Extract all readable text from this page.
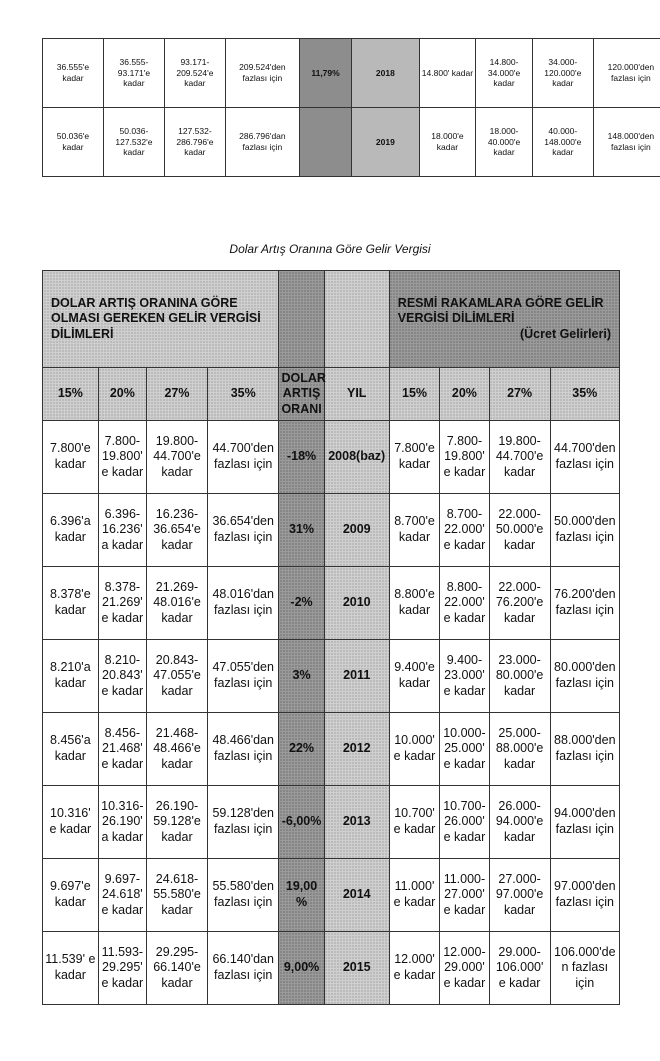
36.555'e kadar	36.555-93.171'e kadar	93.171-209.524'e kadar	209.524'den fazlası için	11,79%	2018	14.800' kadar	14.800-34.000'e kadar	34.000-120.000'e kadar	120.000'den fazlası için
50.036'e kadar	50.036-127.532'e kadar	127.532-286.796'e kadar	286.796'dan fazlası için		2019	18.000'e kadar	18.000-40.000'e kadar	40.000-148.000'e kadar	148.000'den fazlası için
Dolar Artış Oranına Göre Gelir Vergisi
DOLAR ARTIŞ ORANINA GÖRE OLMASI GEREKEN GELİR VERGİSİ DİLİMLERİ						RESMİ RAKAMLARA GÖRE GELİR VERGİSİ DİLİMLERİ
(Ücret Gelirleri)			

15%	20%	27%	35%	DOLAR ARTIŞ ORANI	YIL	15%	20%	27%	35%
7.800'e kadar	7.800-19.800' e kadar	19.800-44.700'e kadar	44.700'den fazlası için	-18%	2008(baz)	7.800'e kadar	7.800-19.800' e kadar	19.800-44.700'e kadar	44.700'den fazlası için
6.396'a kadar	6.396-16.236' a kadar	16.236-36.654'e kadar	36.654'den fazlası için	31%	2009	8.700'e kadar	8.700-22.000' e kadar	22.000-50.000'e kadar	50.000'den fazlası için
8.378'e kadar	8.378-21.269' e kadar	21.269-48.016'e kadar	48.016'dan fazlası için	-2%	2010	8.800'e kadar	8.800-22.000' e kadar	22.000-76.200'e kadar	76.200'den fazlası için
8.210'a kadar	8.210-20.843' e kadar	20.843-47.055'e kadar	47.055'den fazlası için	3%	2011	9.400'e kadar	9.400-23.000' e kadar	23.000-80.000'e kadar	80.000'den fazlası için
8.456'a kadar	8.456-21.468' e kadar	21.468-48.466'e kadar	48.466'dan fazlası için	22%	2012	10.000' e kadar	10.000-25.000' e kadar	25.000-88.000'e kadar	88.000'den fazlası için
10.316' e kadar	10.316-26.190' a kadar	26.190-59.128'e kadar	59.128'den fazlası için	-6,00%	2013	10.700' e kadar	10.700-26.000' e kadar	26.000-94.000'e kadar	94.000'den fazlası için
9.697'e kadar	9.697-24.618' e kadar	24.618-55.580'e kadar	55.580'den fazlası için	19,00 %	2014	11.000' e kadar	11.000-27.000' e kadar	27.000-97.000'e kadar	97.000'den fazlası için
11.539' e kadar	11.593-29.295' e kadar	29.295-66.140'e kadar	66.140'dan fazlası için	9,00%	2015	12.000' e kadar	12.000-29.000' e kadar	29.000-106.000' e kadar	106.000'de n fazlası için
